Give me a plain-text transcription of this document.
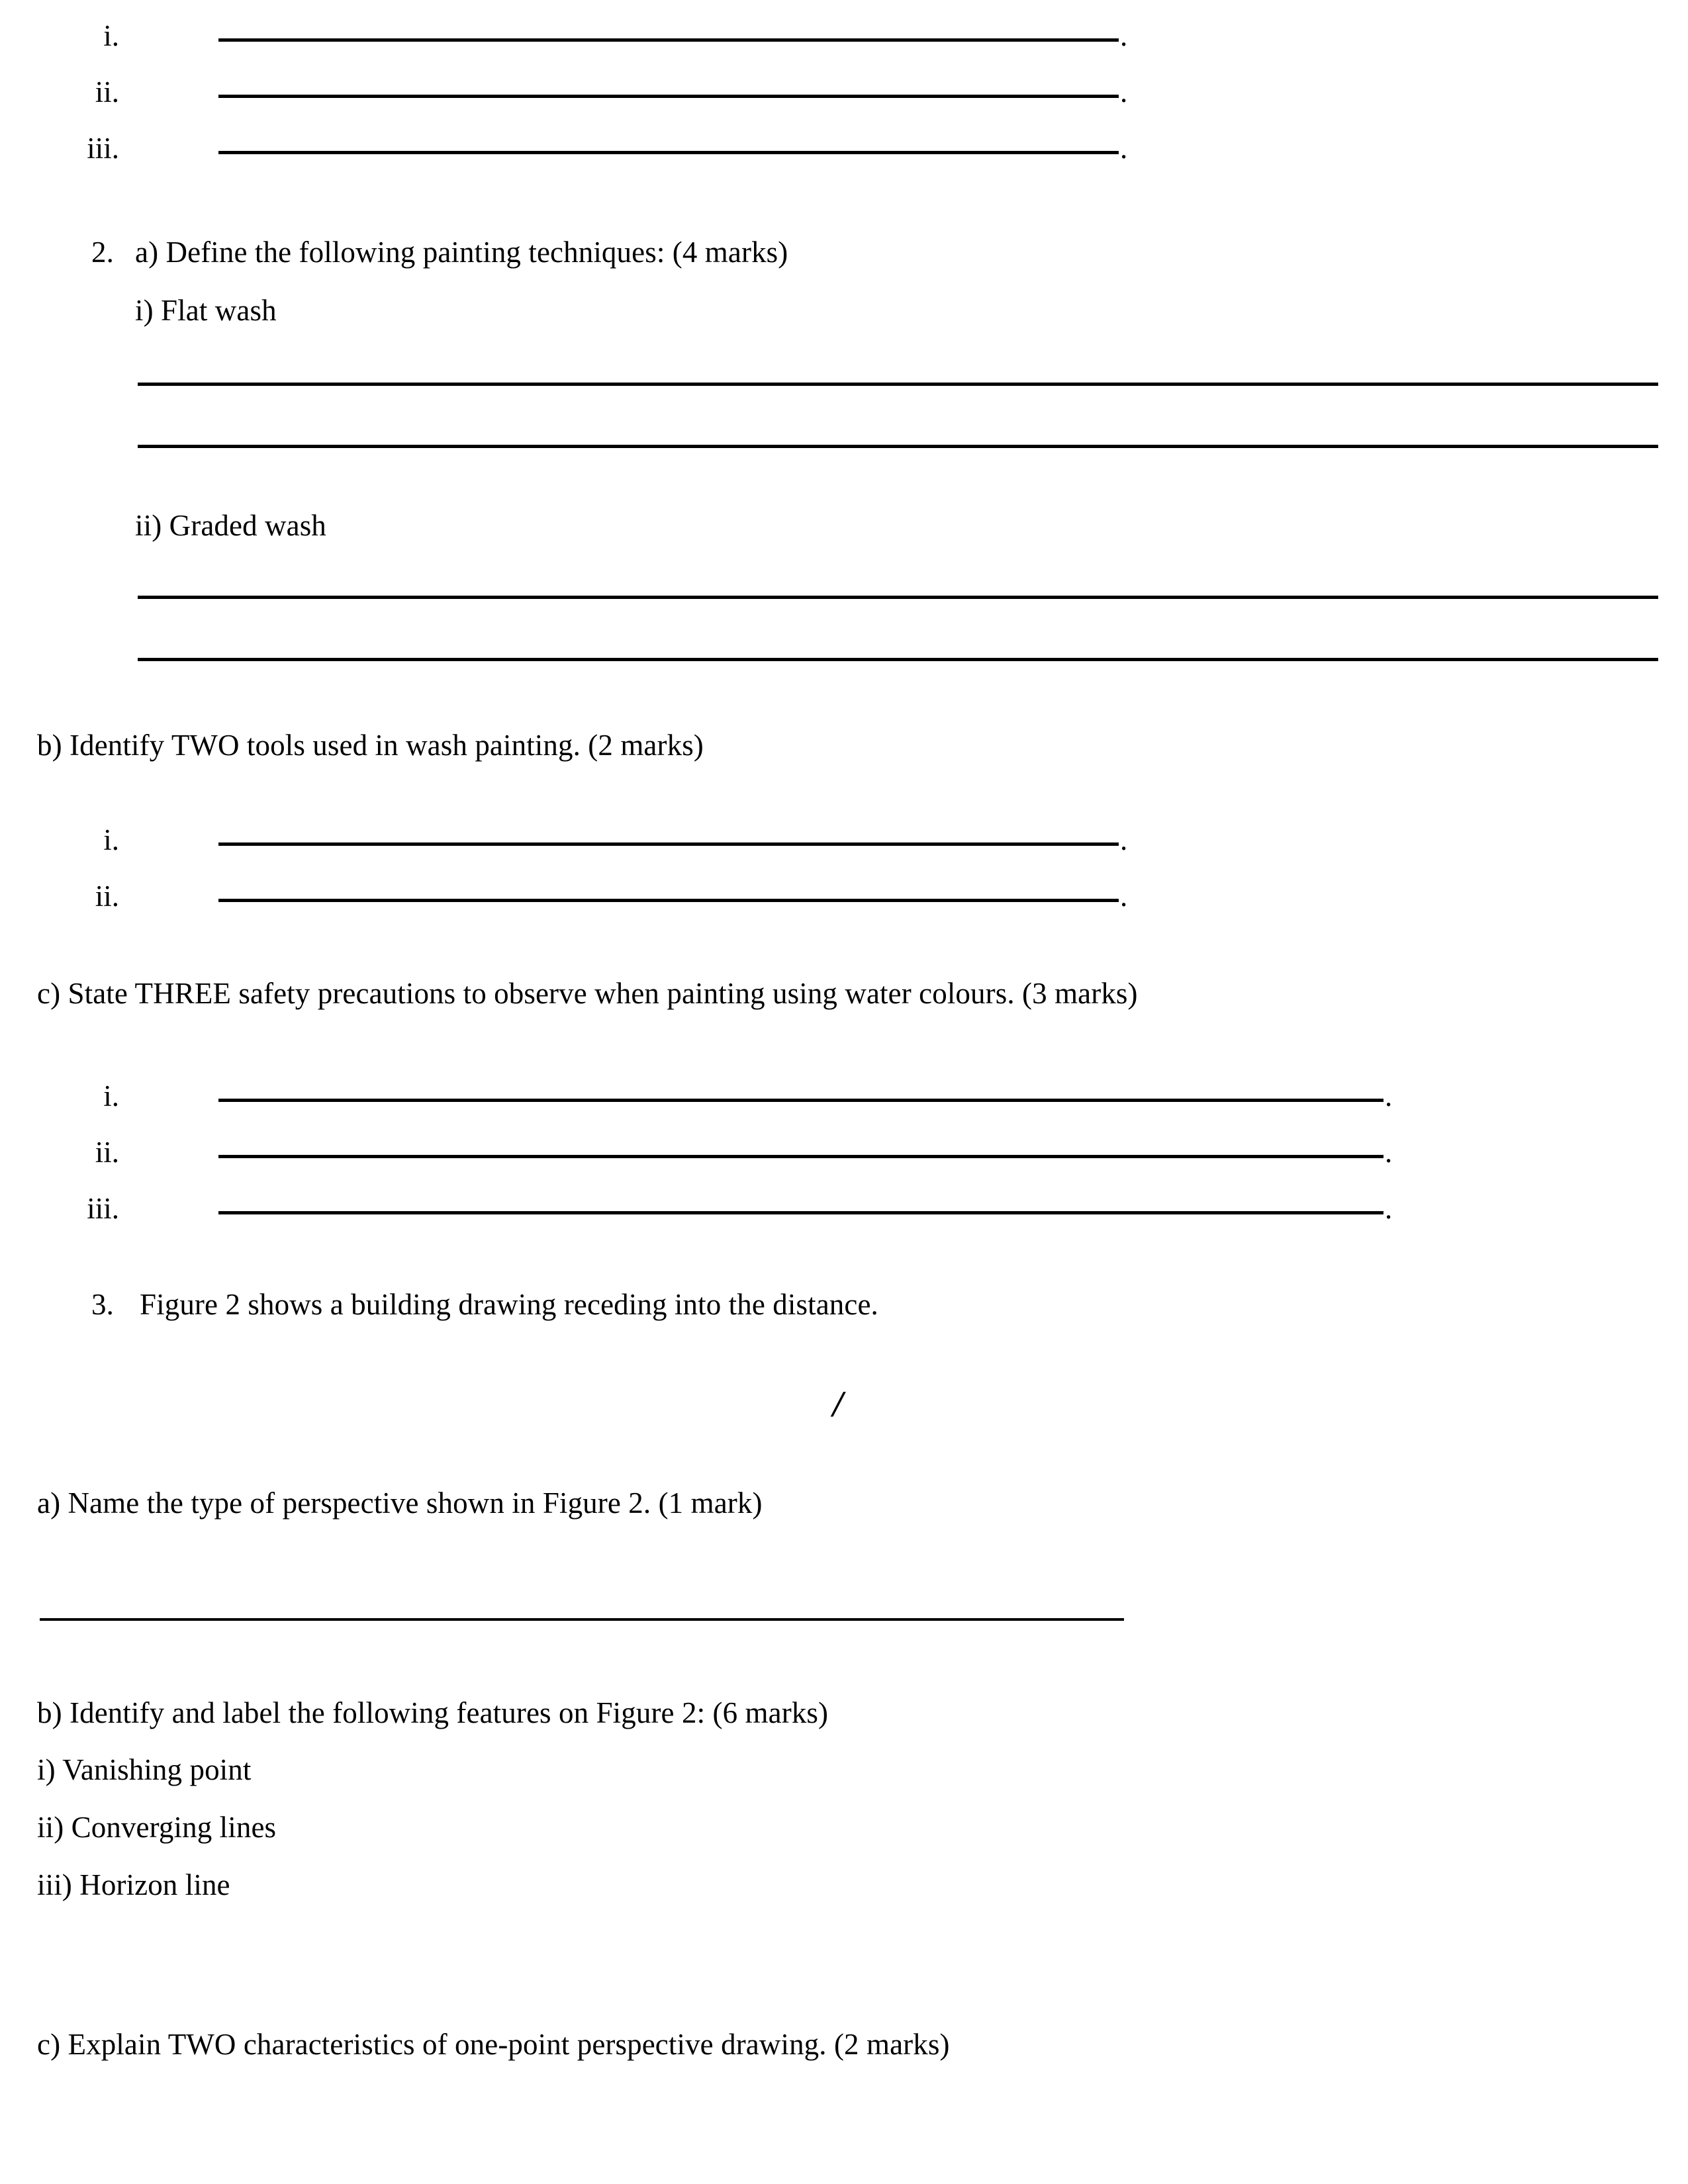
i.	.
ii.	.
iii.	.
2. a) Define the following painting techniques: (4 marks)
i) Flat wash
ii) Graded wash
b) Identify TWO tools used in wash painting. (2 marks)
i.	.
ii.	.
c) State THREE safety precautions to observe when painting using water colours. (3 marks)
i.	.
ii.	.
iii.	.
3. Figure 2 shows a building drawing receding into the distance.
/
a) Name the type of perspective shown in Figure 2. (1 mark)
b) Identify and label the following features on Figure 2: (6 marks)
i) Vanishing point
ii) Converging lines
iii) Horizon line
c) Explain TWO characteristics of one-point perspective drawing. (2 marks)
